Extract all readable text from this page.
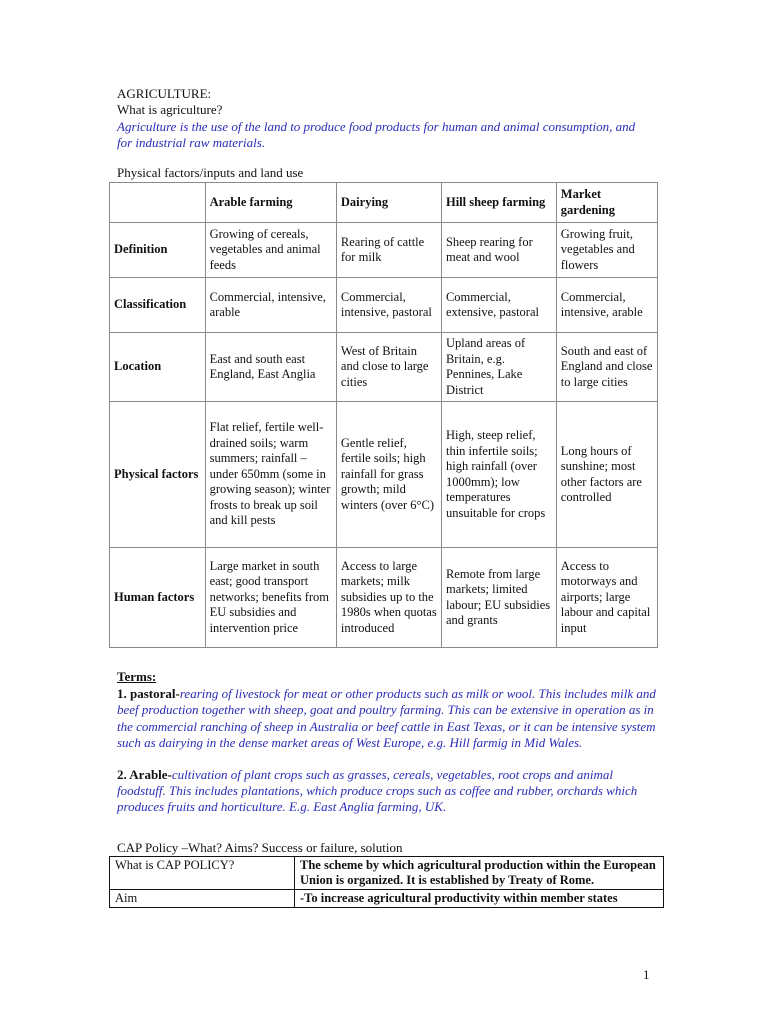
AGRICULTURE:
What is agriculture?
Agriculture is the use of the land to produce food products for human and animal consumption, and for industrial raw materials.
Physical factors/inputs and land use
	Arable farming	Dairying	Hill sheep farming	Market gardening
Definition	Growing of cereals, vegetables and animal feeds	Rearing of cattle for milk	Sheep rearing for meat and wool	Growing fruit, vegetables and flowers
Classification	Commercial, intensive, arable	Commercial, intensive, pastoral	Commercial, extensive, pastoral	Commercial, intensive, arable
Location	East and south east England, East Anglia	West of Britain and close to large cities	Upland areas of Britain, e.g. Pennines, Lake District	South and east of England and close to large cities
Physical factors	Flat relief, fertile well-drained soils; warm summers; rainfall – under 650mm (some in growing season); winter frosts to break up soil and kill pests	Gentle relief, fertile soils; high rainfall for grass growth; mild winters (over 6°C)	High, steep relief, thin infertile soils; high rainfall (over 1000mm); low temperatures unsuitable for crops	Long hours of sunshine; most other factors are controlled
Human factors	Large market in south east; good transport networks; benefits from EU subsidies and intervention price	Access to large markets; milk subsidies up to the 1980s when quotas introduced	Remote from large markets; limited labour; EU subsidies and grants	Access to motorways and airports; large labour and capital input
Terms:
1. pastoral-rearing of livestock for meat or other products such as milk or wool. This includes milk and beef production together with sheep, goat and poultry farming. This can be extensive in operation as in the commercial ranching of sheep in Australia or beef cattle in East Texas, or it can be intensive system such as dairying in the dense market areas of West Europe, e.g. Hill farmig in Mid Wales.
2. Arable-cultivation of plant crops such as grasses, cereals, vegetables, root crops and animal foodstuff. This includes plantations, which produce crops such as coffee and rubber, orchards which produces fruits and horticulture. E.g. East Anglia farming, UK.
CAP Policy –What? Aims? Success or failure, solution
What is CAP POLICY?	The scheme by which agricultural production within the European Union is organized. It is established by Treaty of Rome.
Aim	-To increase agricultural productivity within member states
1
